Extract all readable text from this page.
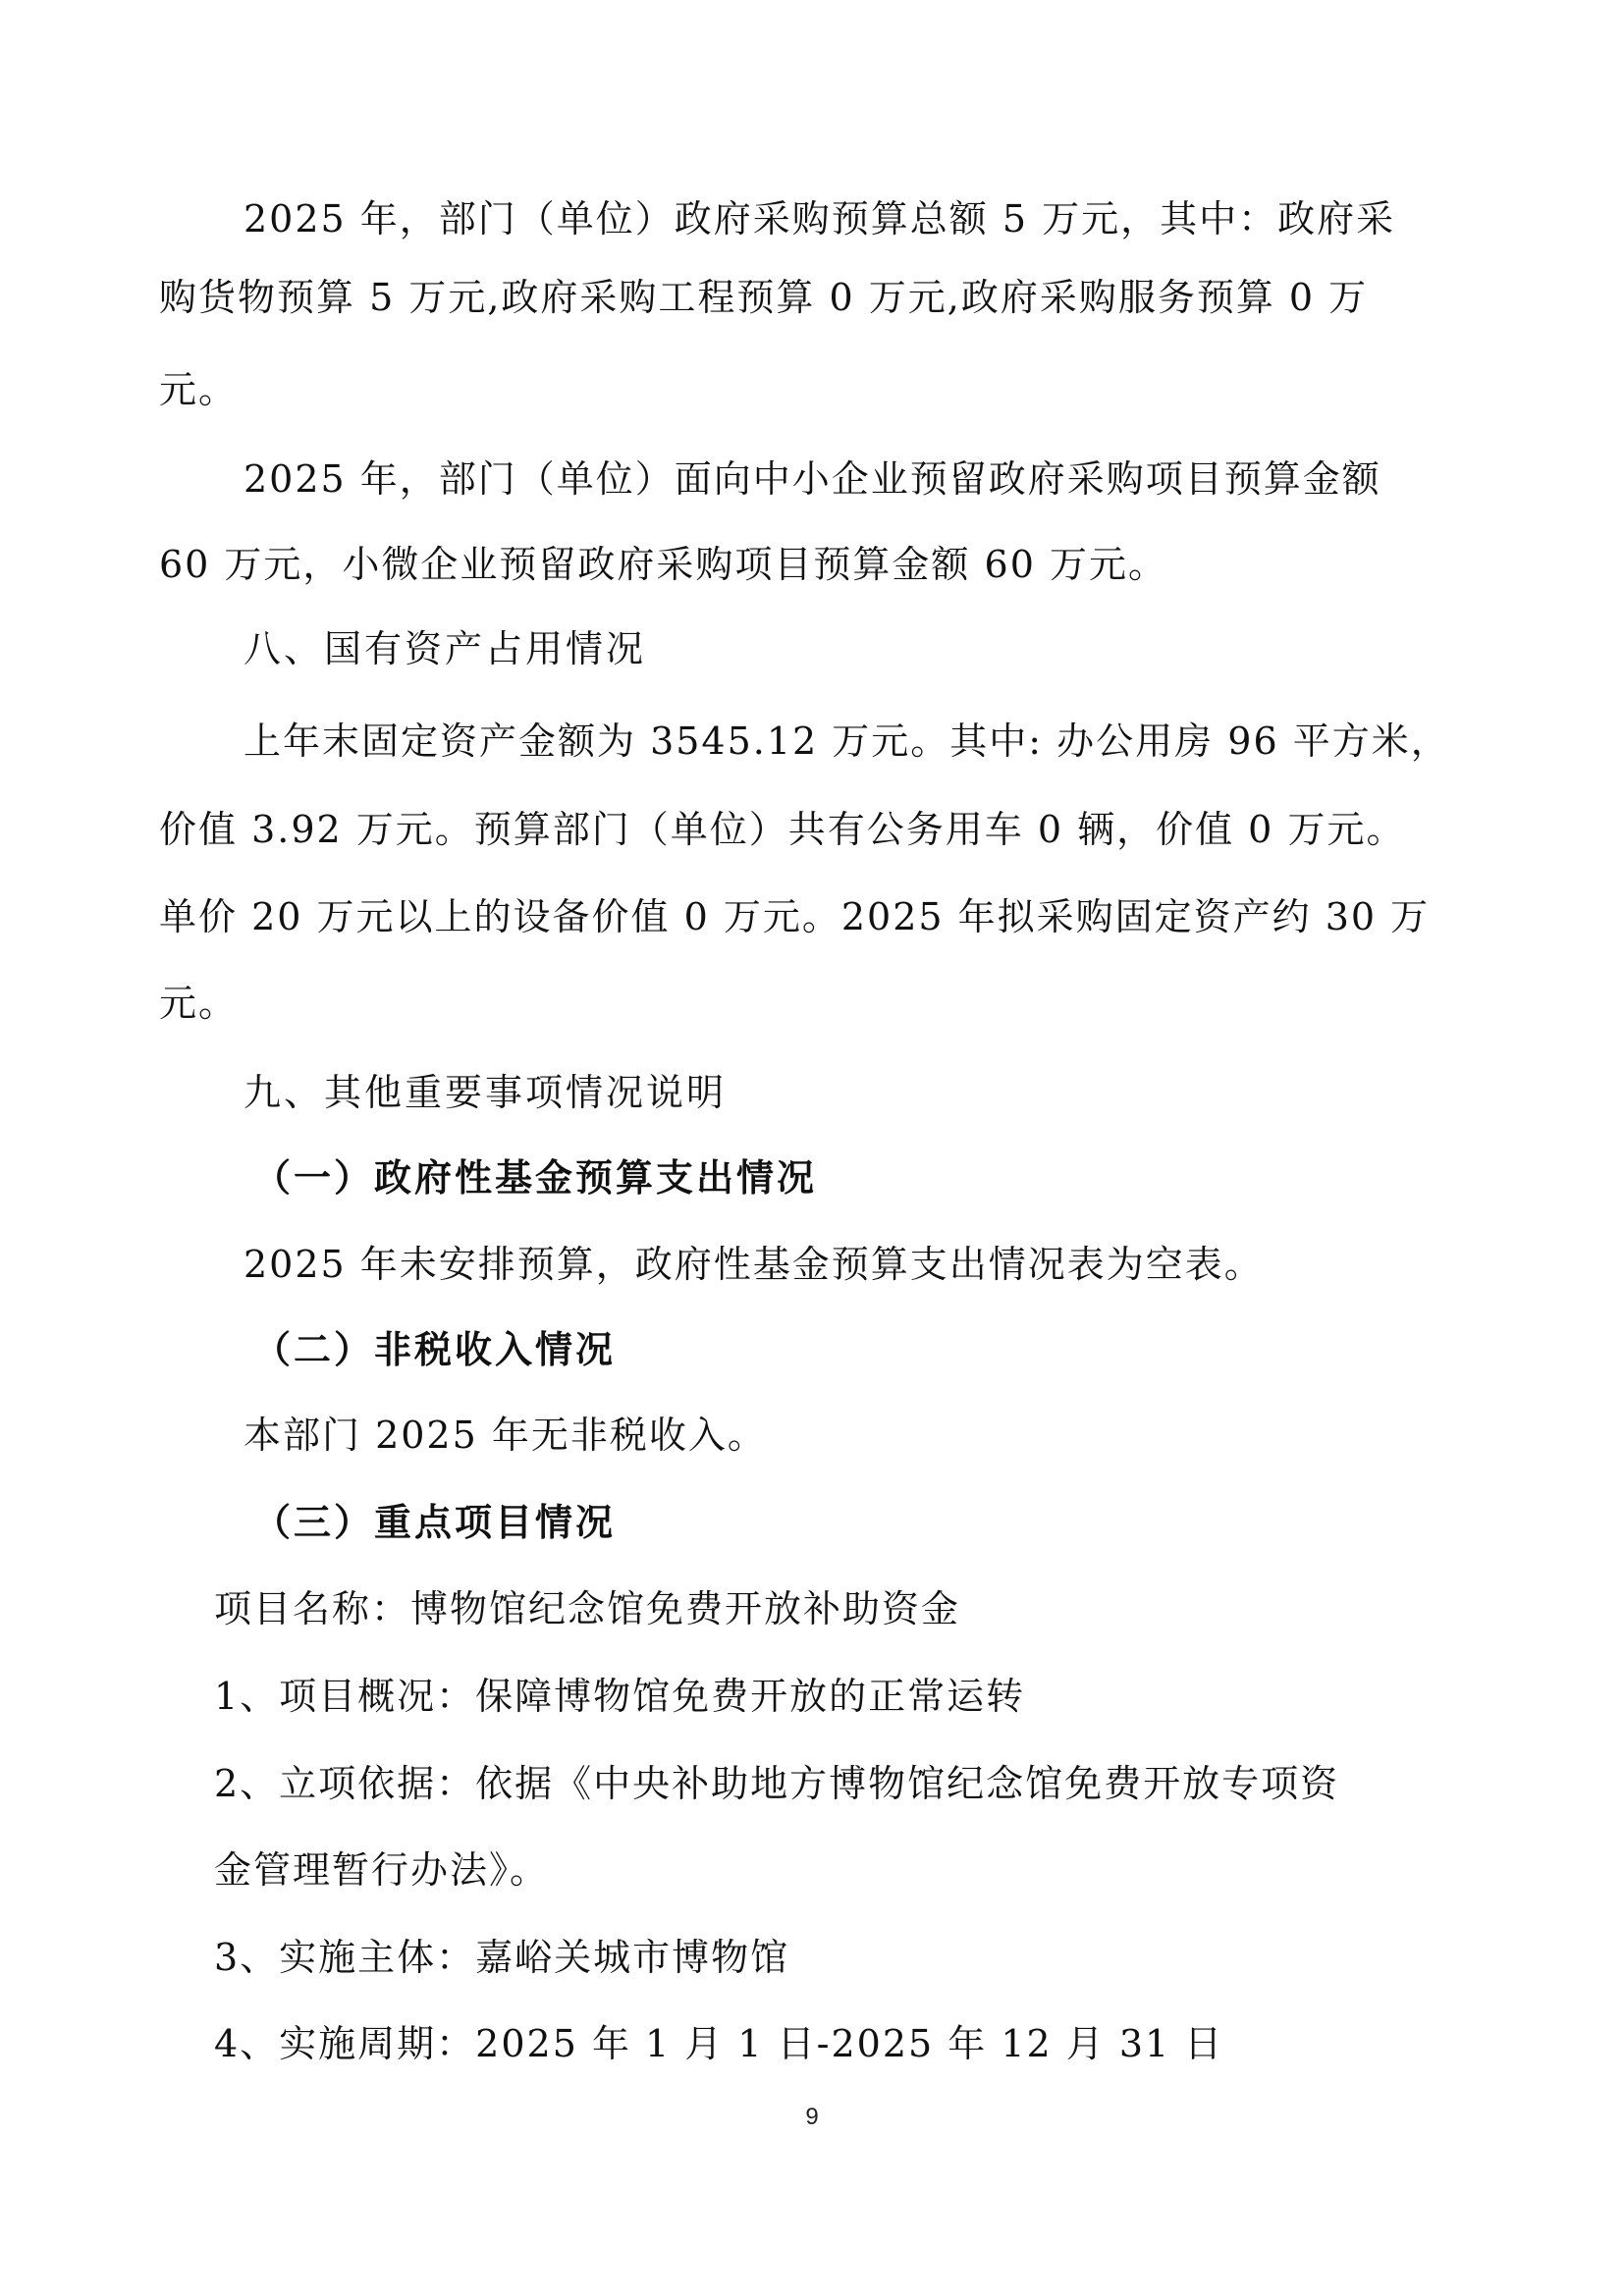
2025 年，部门（单位）政府采购预算总额 5 万元，其中：政府采
购货物预算 5 万元,政府采购工程预算 0 万元,政府采购服务预算 0 万
元。
2025 年，部门（单位）面向中小企业预留政府采购项目预算金额
60 万元，小微企业预留政府采购项目预算金额 60 万元。
八、国有资产占用情况
上年末固定资产金额为 3545.12 万元。其中: 办公用房 96 平方米，
价值 3.92 万元。预算部门（单位）共有公务用车 0 辆，价值 0 万元。
单价 20 万元以上的设备价值 0 万元。2025 年拟采购固定资产约 30 万
元。
九、其他重要事项情况说明
（一）政府性基金预算支出情况
2025 年未安排预算，政府性基金预算支出情况表为空表。
（二）非税收入情况
本部门 2025 年无非税收入。
（三）重点项目情况
项目名称：博物馆纪念馆免费开放补助资金
1、项目概况：保障博物馆免费开放的正常运转
2、立项依据：依据《中央补助地方博物馆纪念馆免费开放专项资
金管理暂行办法》。
3、实施主体：嘉峪关城市博物馆
4、实施周期：2025 年 1 月 1 日-2025 年 12 月 31 日
9
